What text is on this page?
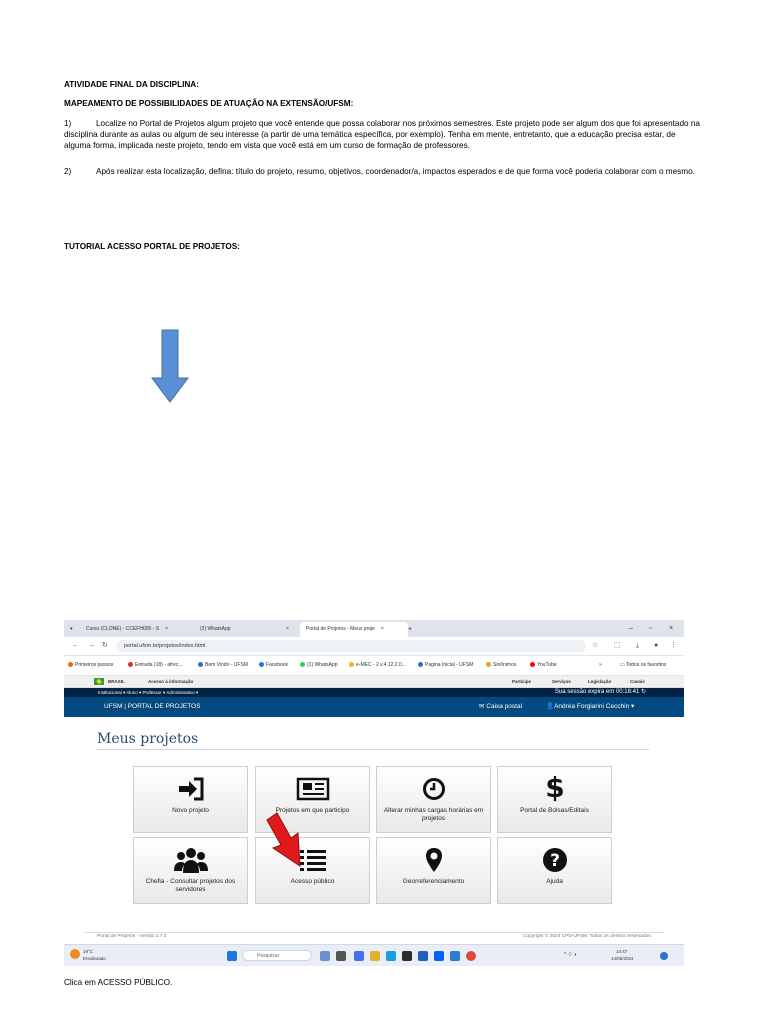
ATIVIDADE FINAL DA DISCIPLINA:
MAPEAMENTO DE POSSIBILIDADES DE ATUAÇÃO NA EXTENSÃO/UFSM:
1)	Localize no Portal de Projetos algum projeto que você entende que possa colaborar nos próximos semestres. Este projeto pode ser algum dos que foi apresentado na disciplina durante as aulas ou algum de seu interesse (a partir de uma temática específica, por exemplo). Tenha em mente, entretanto, que a educação precisa estar, de alguma forma, implicada neste projeto, tendo em vista que você está em um curso de formação de professores.
2)	Após realizar esta localização, defina: título do projeto, resumo, objetivos, coordenador/a, impactos esperados e de que forma você poderia colaborar com o mesmo.
TUTORIAL ACESSO PORTAL DE PROJETOS:
▾	Curso (CLONE) - CCEFH005 - S ×	(2) WhatsApp	×	Portal de Projetos - Meus proje ×	+	– ▫	×
← → ↻	portal.ufsm.br/projetos/index.html	☆ ⬚ ⤓ ● ⋮
Primeiros passos	Entrada (18) - afrec...	Bem Vindo - UFSM	Facebook	(1) WhatsApp	e-MEC - 2 v.4.12.2.0...	Pagina Inicial - UFSM	Sinônimos	YouTube	»	▭ Todos os favoritos
BRASIL	Acesso à informação	Participe	Serviços	Legislação	Canais
Institucional ▾ Aluno ▾ Professor ▾ Administrativo ▾	Sua sessão expira em 00:18:41 ↻
UFSM | PORTAL DE PROJETOS	✉ Caixa postal	👤Andréa Forgiarini Cecchin ▾
Meus projetos
Novo projeto	Projetos em que participo	Alterar minhas cargas horárias em projetos
$
Portal de Bolsas/Editais
Chefia - Consultar projetos dos servidores
Acesso público	Georreferenciamento
?
Ajuda
Portal de Projetos - Versão 3.7.4	Copyright © 2024 CPD-UFSM. Todos os direitos reservados.
19°C
Ensolarado	Pesquisar	^ ⌔ ◖
14:47
14/06/2024
Clica em ACESSO PÚBLICO.
